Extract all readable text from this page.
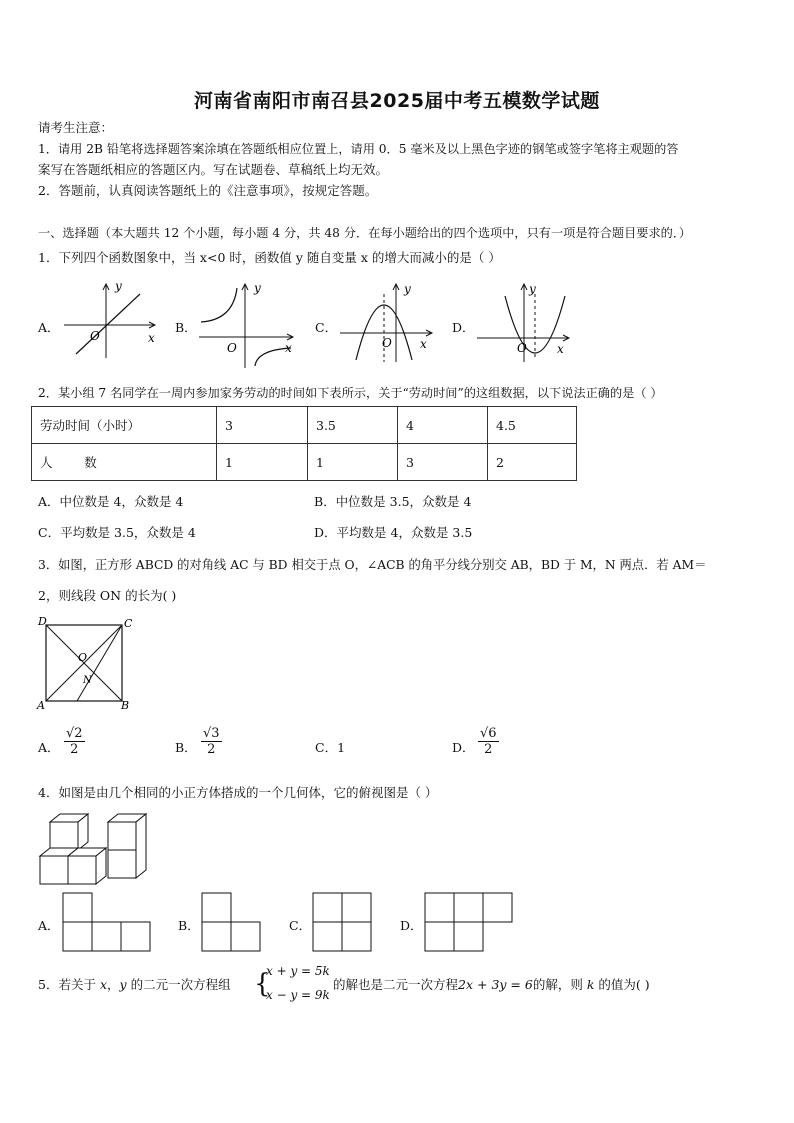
河南省南阳市南召县2025届中考五模数学试题
请考生注意：
1．请用 2B 铅笔将选择题答案涂填在答题纸相应位置上，请用 0．5 毫米及以上黑色字迹的钢笔或签字笔将主观题的答
案写在答题纸相应的答题区内。写在试题卷、草稿纸上均无效。
2．答题前，认真阅读答题纸上的《注意事项》，按规定答题。
一、选择题（本大题共 12 个小题，每小题 4 分，共 48 分．在每小题给出的四个选项中，只有一项是符合题目要求的．）
1．下列四个函数图象中，当 x<0 时，函数值 y 随自变量 x 的增大而减小的是（ ）
A．
y
x
O
B．
y
x
O
C．
y
x
O
D．
y
x
O
2．某小组 7 名同学在一周内参加家务劳动的时间如下表所示，关于“劳动时间”的这组数据，以下说法正确的是（ ）
劳动时间（小时）	3	3.5	4	4.5
人        数	1	1	3	2
A．中位数是 4，众数是 4	B．中位数是 3.5，众数是 4
C．平均数是 3.5，众数是 4	D．平均数是 4，众数是 3.5
3．如图，正方形 ABCD 的对角线 AC 与 BD 相交于点 O，∠ACB 的角平分线分别交 AB，BD 于 M，N 两点．若 AM＝
2，则线段 ON 的长为( )
D	C
A	B
O
N
A． $\frac{√2}{2}$	B． $\frac{√3}{2}$	C．1	D． $\frac{√6}{2}$
4．如图是由几个相同的小正方体搭成的一个几何体，它的俯视图是（ ）
A．	B．	C．	D．
5．若关于 x，y 的二元一次方程组 {
x + y = 5k
x − y = 9k
的解也是二元一次方程2x + 3y = 6的解，则 k 的值为( )
